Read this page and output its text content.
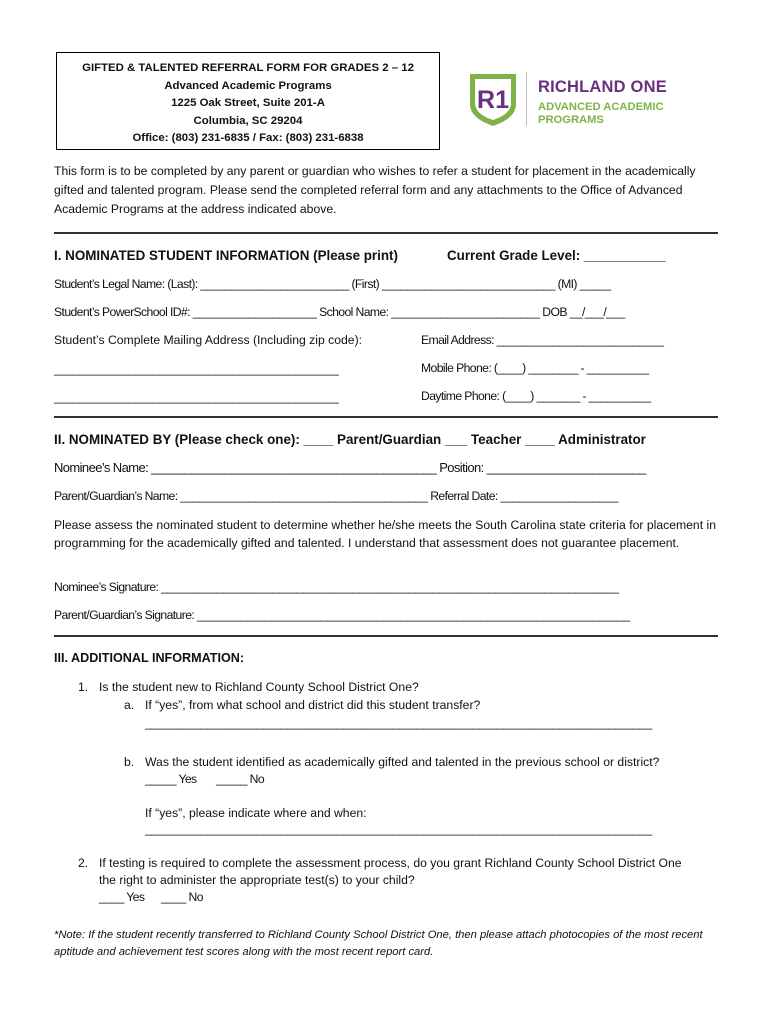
GIFTED & TALENTED REFERRAL FORM FOR GRADES 2 – 12
Advanced Academic Programs
1225 Oak Street, Suite 201-A
Columbia, SC 29204
Office: (803) 231-6835 / Fax: (803) 231-6838
R1 RICHLAND ONE
ADVANCED ACADEMIC
PROGRAMS
This form is to be completed by any parent or guardian who wishes to refer a student for placement in the academically gifted and talented program. Please send the completed referral form and any attachments to the Office of Advanced Academic Programs at the address indicated above.
I. NOMINATED STUDENT INFORMATION (Please print)	Current Grade Level: ___________
Student’s Legal Name: (Last): ________________________ (First) ____________________________ (MI) _____
Student’s PowerSchool ID#: ____________________ School Name: ________________________ DOB __/___/___
Student’s Complete Mailing Address (Including zip code):	Email Address: ___________________________
______________________________________________	Mobile Phone: (____) ________ - __________
______________________________________________	Daytime Phone: (____) _______ - __________
II. NOMINATED BY (Please check one): ____ Parent/Guardian ___ Teacher ____ Administrator
Nominee’s Name: ___________________________________________ Position: ________________________
Parent/Guardian’s Name: ________________________________________ Referral Date: ___________________
Please assess the nominated student to determine whether he/she meets the South Carolina state criteria for placement in programming for the academically gifted and talented. I understand that assessment does not guarantee placement.
Nominee’s Signature: __________________________________________________________________________
Parent/Guardian’s Signature: ______________________________________________________________________
III. ADDITIONAL INFORMATION:
1. Is the student new to Richland County School District One?
a. If “yes”, from what school and district did this student transfer?
__________________________________________________________________________________
b. Was the student identified as academically gifted and talented in the previous school or district?
_____ Yes _____ No
If “yes”, please indicate where and when:
__________________________________________________________________________________
2. If testing is required to complete the assessment process, do you grant Richland County School District One
the right to administer the appropriate test(s) to your child?
____ Yes ____ No
*Note: If the student recently transferred to Richland County School District One, then please attach photocopies of the most recent aptitude and achievement test scores along with the most recent report card.
